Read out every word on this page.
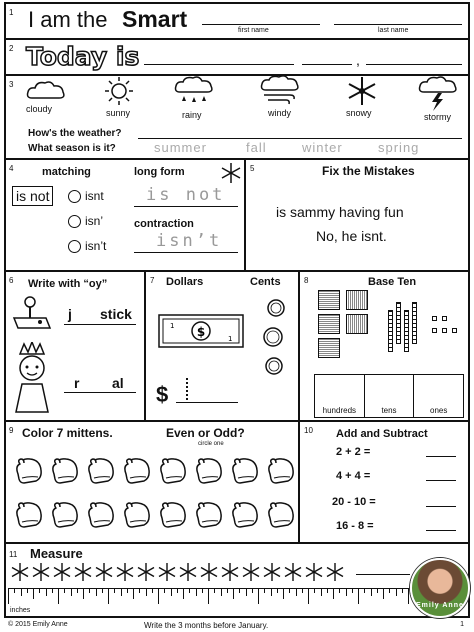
1 I am the Smart	first name	last name
2 Today is	,
3
cloudy	sunny	rainy	windy	snowy	stormy
How's the weather?
What season is it?	summer	fall	winter	spring
4	matching	long form
is not	isnt
isn’
isn’t
is not
contraction
isn’t
5	Fix the Mistakes
is sammy having fun
No, he isnt.
6 Write with “oy”
j stick
r al
7 Dollars	Cents
$
1
1
$
8	Base Ten
hundreds	tens	ones
9 Color 7 mittens.	Even or Odd?
circle one
10 Add and Subtract
2 + 2 =
4 + 4 =
20 - 10 =
16 - 8 =
11 Measure
inches
Emily Anne
© 2015 Emily Anne	Write the 3 months before January.	1
